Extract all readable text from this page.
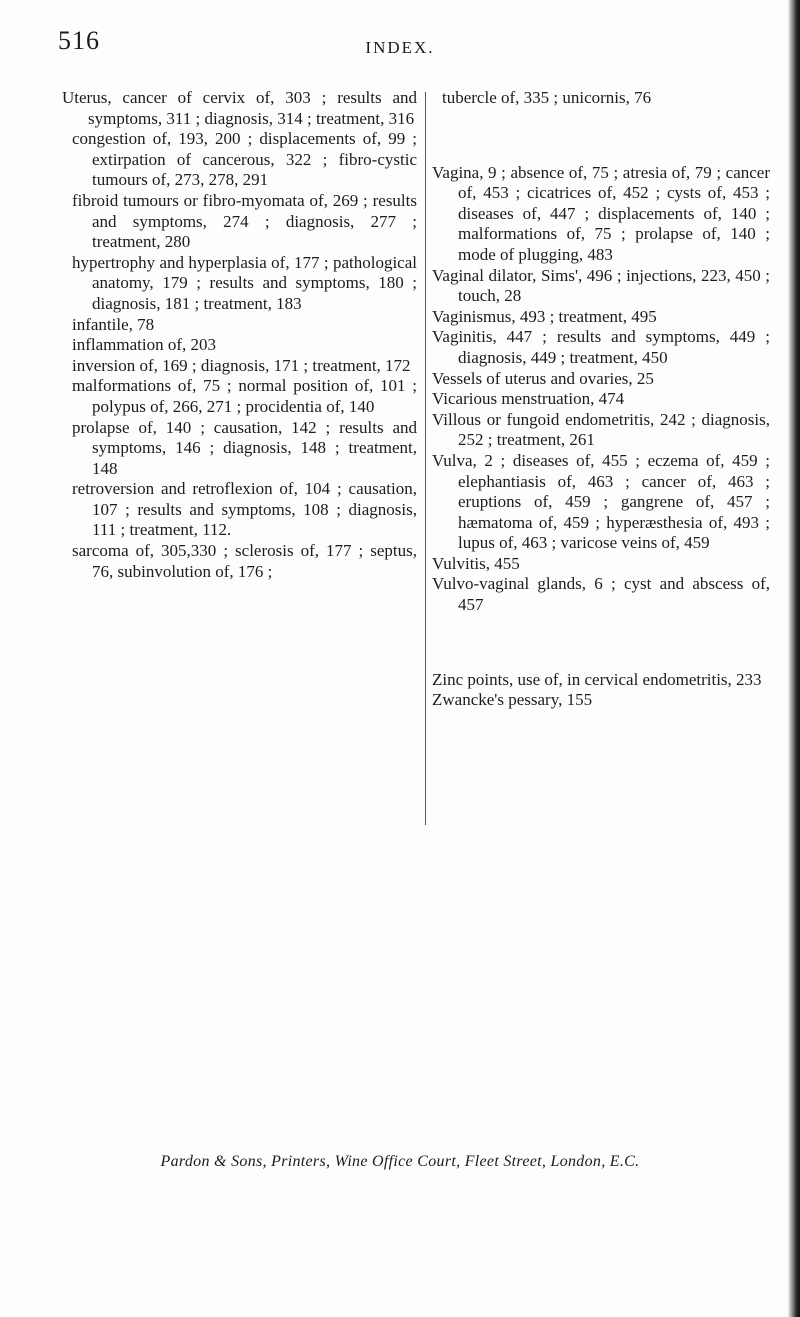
516	INDEX.

Uterus, cancer of cervix of, 303 ; results and symptoms, 311 ; diagnosis, 314 ; treatment, 316

congestion of, 193, 200 ; displacements of, 99 ; extirpation of cancerous, 322 ; fibro-cystic tumours of, 273, 278, 291

fibroid tumours or fibro-myomata of, 269 ; results and symptoms, 274 ; diagnosis, 277 ; treatment, 280

hypertrophy and hyperplasia of, 177 ; pathological anatomy, 179 ; results and symptoms, 180 ; diagnosis, 181 ; treatment, 183

infantile, 78

inflammation of, 203

inversion of, 169 ; diagnosis, 171 ; treatment, 172

malformations of, 75 ; normal position of, 101 ; polypus of, 266, 271 ; procidentia of, 140

prolapse of, 140 ; causation, 142 ; results and symptoms, 146 ; diagnosis, 148 ; treatment, 148

retroversion and retroflexion of, 104 ; causation, 107 ; results and symptoms, 108 ; diagnosis, 111 ; treatment, 112.

sarcoma of, 305,330 ; sclerosis of, 177 ; septus, 76, subinvolution of, 176 ;

tubercle of, 335 ; unicornis, 76

Vagina, 9 ; absence of, 75 ; atresia of, 79 ; cancer of, 453 ; cicatrices of, 452 ; cysts of, 453 ; diseases of, 447 ; displacements of, 140 ; malformations of, 75 ; prolapse of, 140 ; mode of plugging, 483

Vaginal dilator, Sims', 496 ; injections, 223, 450 ; touch, 28

Vaginismus, 493 ; treatment, 495

Vaginitis, 447 ; results and symptoms, 449 ; diagnosis, 449 ; treatment, 450

Vessels of uterus and ovaries, 25

Vicarious menstruation, 474

Villous or fungoid endometritis, 242 ; diagnosis, 252 ; treatment, 261

Vulva, 2 ; diseases of, 455 ; eczema of, 459 ; elephantiasis of, 463 ; cancer of, 463 ; eruptions of, 459 ; gangrene of, 457 ; hæmatoma of, 459 ; hyperæsthesia of, 493 ; lupus of, 463 ; varicose veins of, 459

Vulvitis, 455

Vulvo-vaginal glands, 6 ; cyst and abscess of, 457

Zinc points, use of, in cervical endometritis, 233

Zwancke's pessary, 155

Pardon & Sons, Printers, Wine Office Court, Fleet Street, London, E.C.
